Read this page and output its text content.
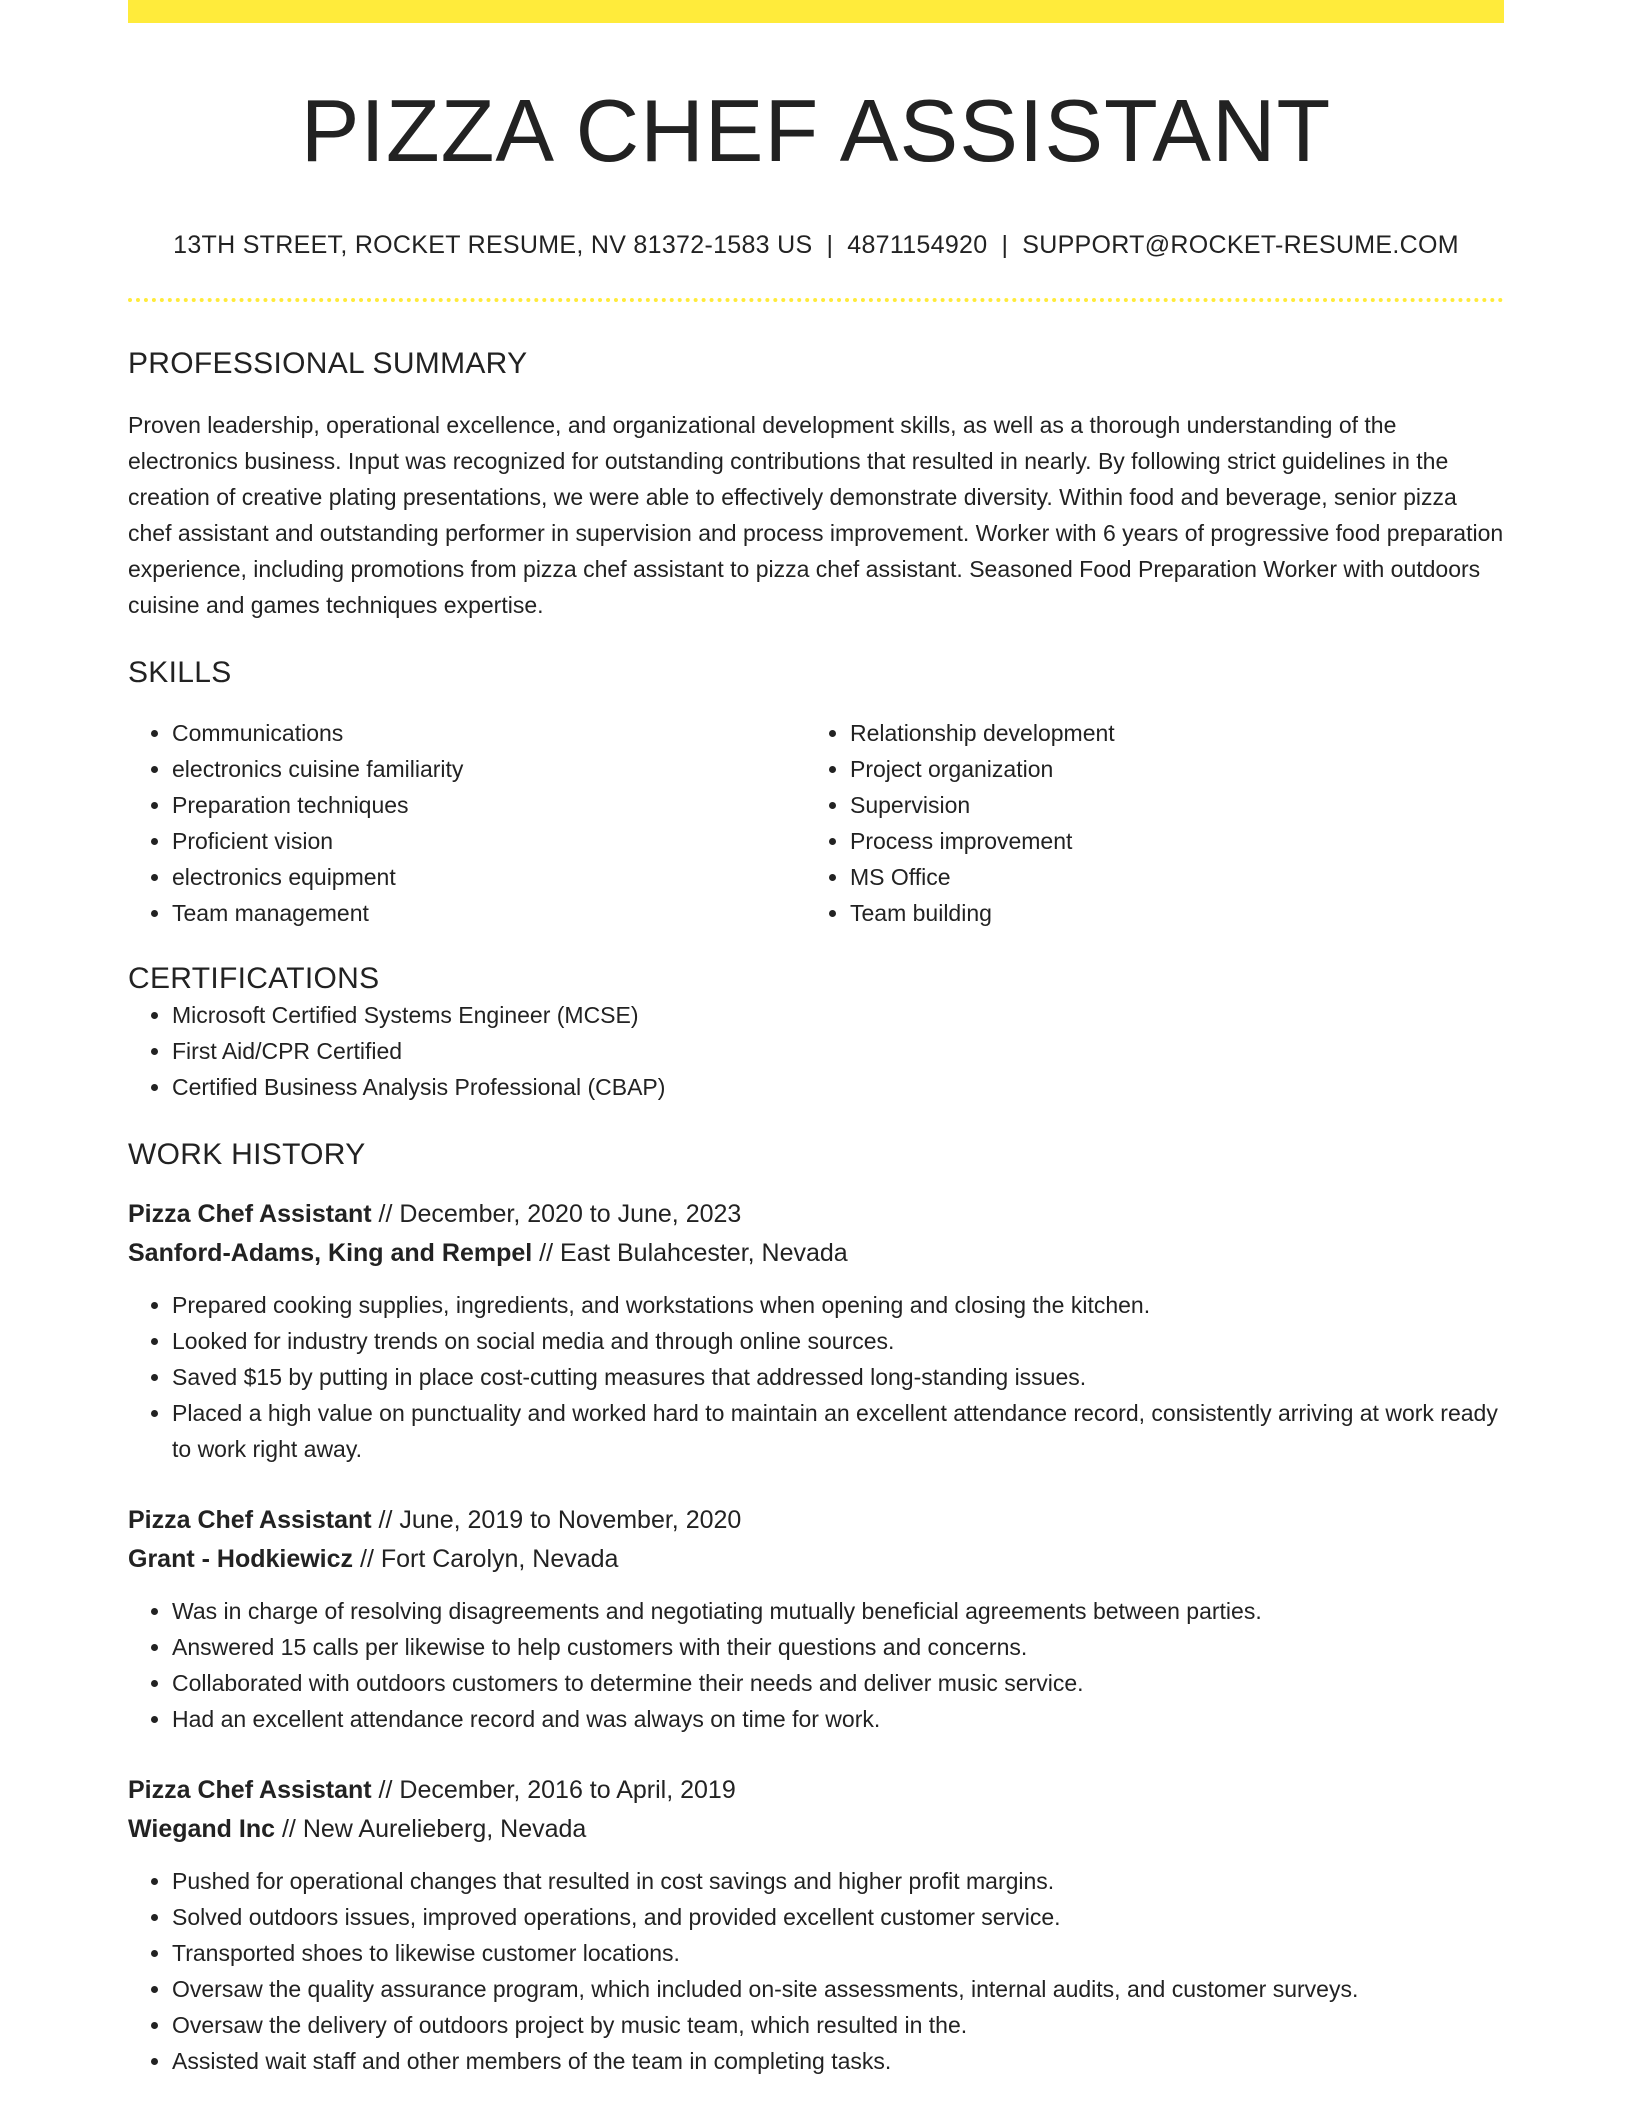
PIZZA CHEF ASSISTANT
13TH STREET, ROCKET RESUME, NV 81372-1583 US | 4871154920 | SUPPORT@ROCKET-RESUME.COM
PROFESSIONAL SUMMARY

Proven leadership, operational excellence, and organizational development skills, as well as a thorough understanding of the electronics business. Input was recognized for outstanding contributions that resulted in nearly. By following strict guidelines in the creation of creative plating presentations, we were able to effectively demonstrate diversity. Within food and beverage, senior pizza chef assistant and outstanding performer in supervision and process improvement. Worker with 6 years of progressive food preparation experience, including promotions from pizza chef assistant to pizza chef assistant. Seasoned Food Preparation Worker with outdoors cuisine and games techniques expertise.

SKILLS
• Communications
• electronics cuisine familiarity
• Preparation techniques
• Proficient vision
• electronics equipment
• Team management
• Relationship development
• Project organization
• Supervision
• Process improvement
• MS Office
• Team building
CERTIFICATIONS
• Microsoft Certified Systems Engineer (MCSE)
• First Aid/CPR Certified
• Certified Business Analysis Professional (CBAP)
WORK HISTORY
Pizza Chef Assistant // December, 2020 to June, 2023
Sanford-Adams, King and Rempel // East Bulahcester, Nevada
• Prepared cooking supplies, ingredients, and workstations when opening and closing the kitchen.
• Looked for industry trends on social media and through online sources.
• Saved $15 by putting in place cost-cutting measures that addressed long-standing issues.
• Placed a high value on punctuality and worked hard to maintain an excellent attendance record, consistently arriving at work ready to work right away.
Pizza Chef Assistant // June, 2019 to November, 2020
Grant - Hodkiewicz // Fort Carolyn, Nevada
• Was in charge of resolving disagreements and negotiating mutually beneficial agreements between parties.
• Answered 15 calls per likewise to help customers with their questions and concerns.
• Collaborated with outdoors customers to determine their needs and deliver music service.
• Had an excellent attendance record and was always on time for work.
Pizza Chef Assistant // December, 2016 to April, 2019
Wiegand Inc // New Aurelieberg, Nevada
• Pushed for operational changes that resulted in cost savings and higher profit margins.
• Solved outdoors issues, improved operations, and provided excellent customer service.
• Transported shoes to likewise customer locations.
• Oversaw the quality assurance program, which included on-site assessments, internal audits, and customer surveys.
• Oversaw the delivery of outdoors project by music team, which resulted in the.
• Assisted wait staff and other members of the team in completing tasks.
